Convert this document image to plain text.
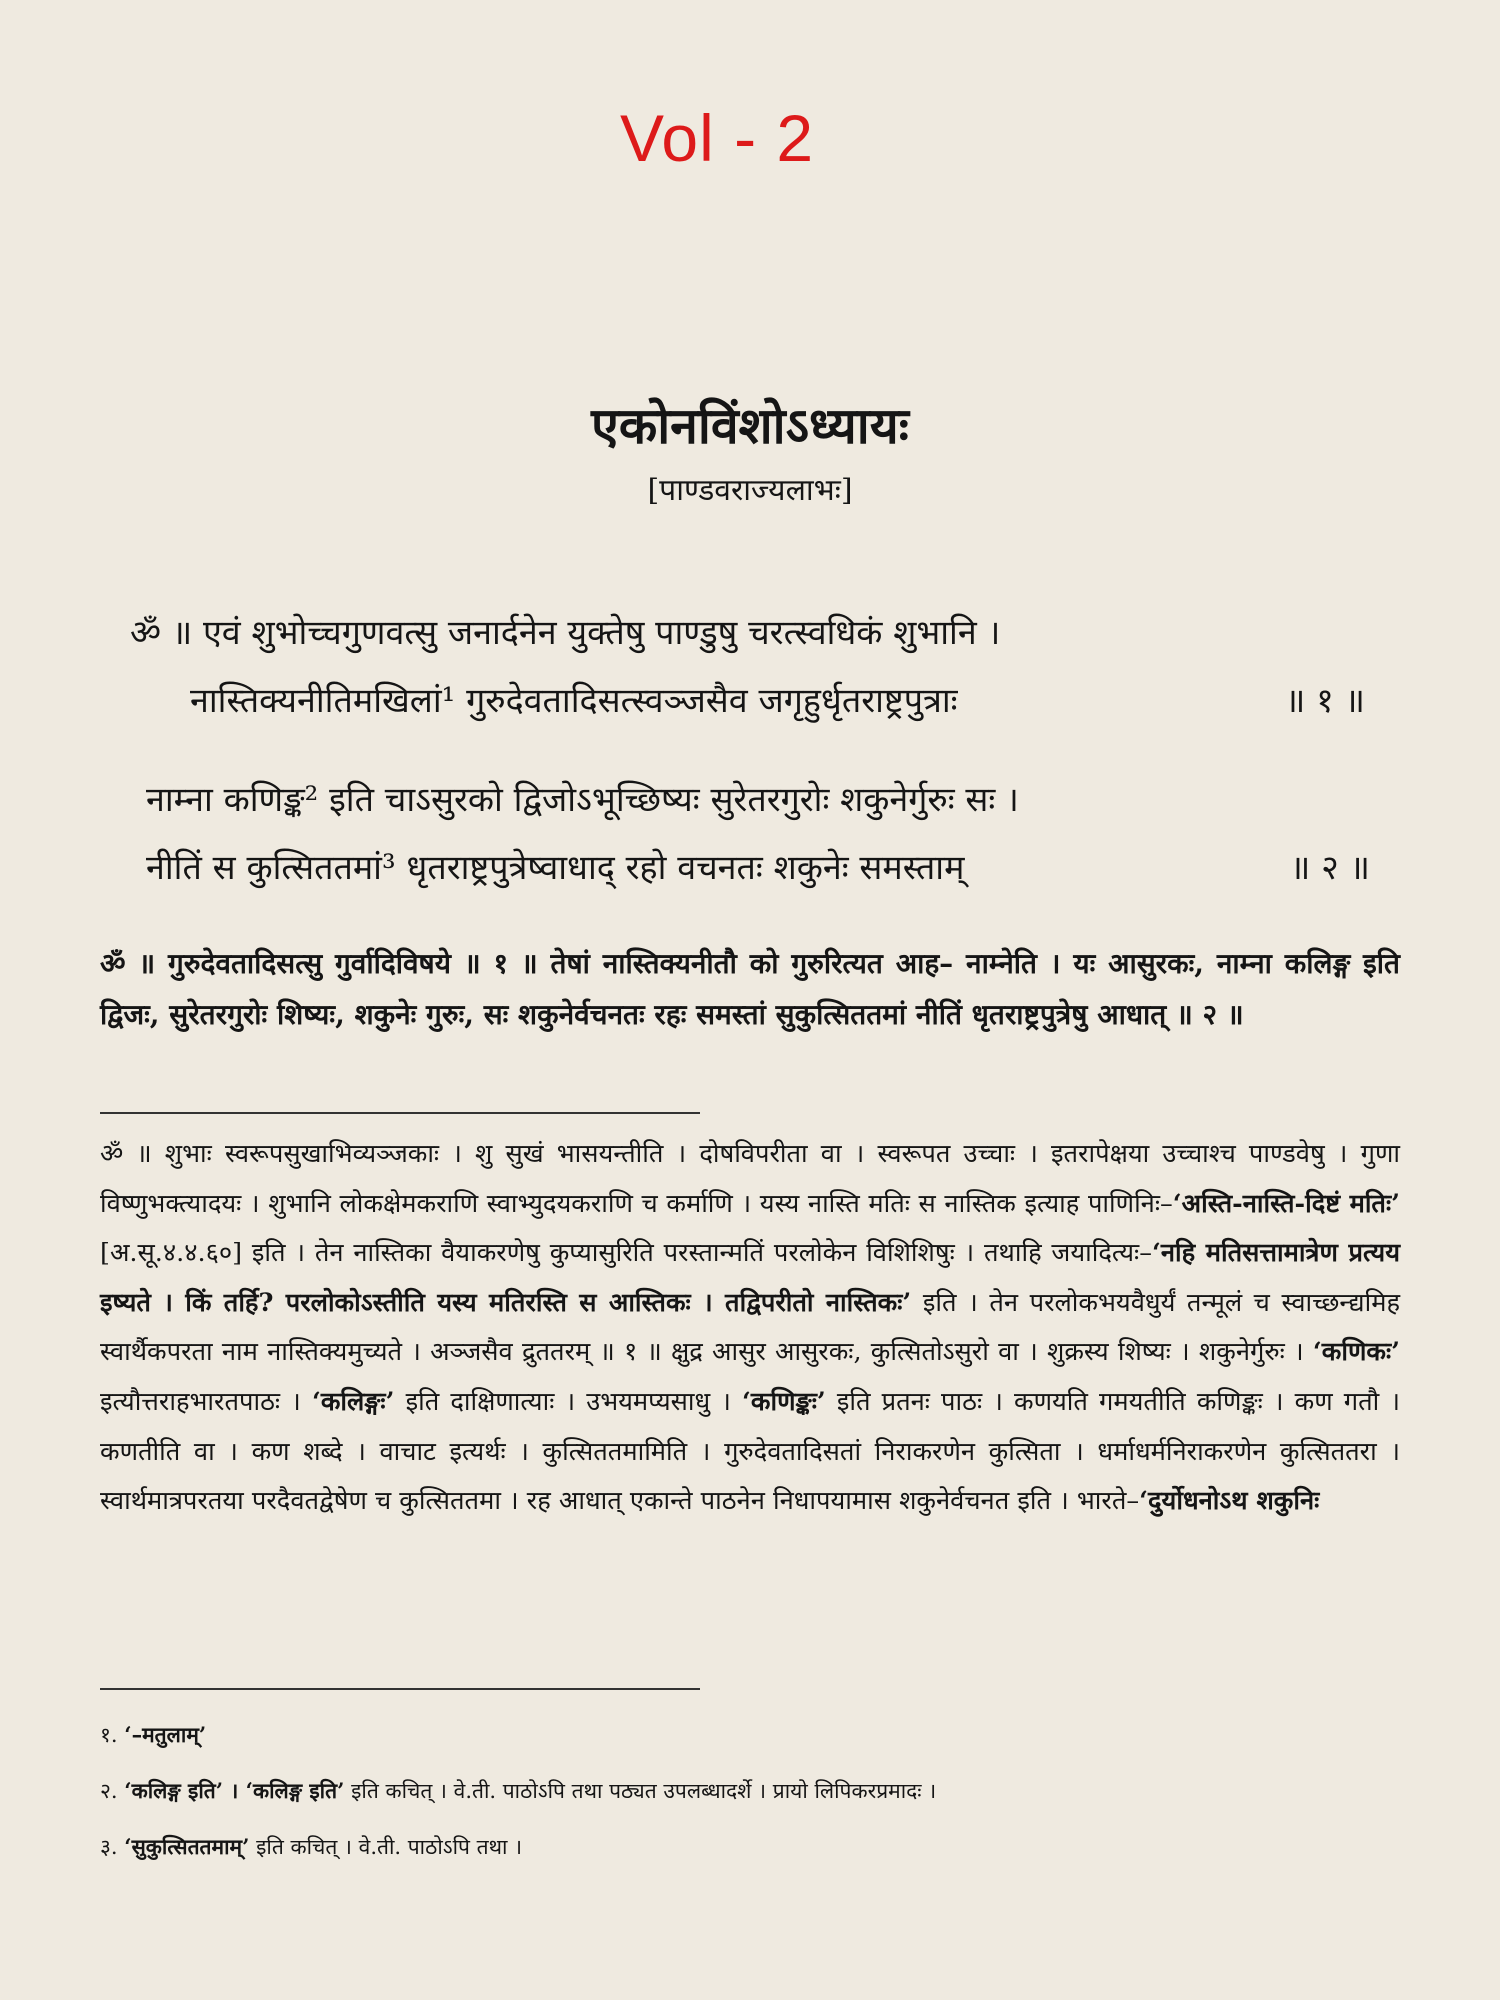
Vol - 2
एकोनविंशोऽध्यायः
[पाण्डवराज्यलाभः]
ॐ ॥ एवं शुभोच्चगुणवत्सु जनार्दनेन युक्तेषु पाण्डुषु चरत्स्वधिकं शुभानि ।
नास्तिक्यनीतिमखिलां¹ गुरुदेवतादिसत्स्वञ्जसैव जगृहुर्धृतराष्ट्रपुत्राः	॥ १ ॥
नाम्ना कणिङ्क² इति चाऽसुरको द्विजोऽभूच्छिष्यः सुरेतरगुरोः शकुनेर्गुरुः सः ।
नीतिं स कुत्सिततमां³ धृतराष्ट्रपुत्रेष्वाधाद् रहो वचनतः शकुनेः समस्ताम्	॥ २ ॥
ॐ ॥ गुरुदेवतादिसत्सु गुर्वादिविषये ॥ १ ॥ तेषां नास्तिक्यनीतौ को गुरुरित्यत आह– नाम्नेति । यः आसुरकः, नाम्ना कलिङ्ग इति द्विजः, सुरेतरगुरोः शिष्यः, शकुनेः गुरुः, सः शकुनेर्वचनतः रहः समस्तां सुकुत्सिततमां नीतिं धृतराष्ट्रपुत्रेषु आधात् ॥ २ ॥
ॐ ॥ शुभाः स्वरूपसुखाभिव्यञ्जकाः । शु सुखं भासयन्तीति । दोषविपरीता वा । स्वरूपत उच्चाः । इतरापेक्षया उच्चाश्च पाण्डवेषु । गुणा विष्णुभक्त्यादयः । शुभानि लोकक्षेमकराणि स्वाभ्युदयकराणि च कर्माणि । यस्य नास्ति मतिः स नास्तिक इत्याह पाणिनिः–‘अस्ति-नास्ति-दिष्टं मतिः’ [अ.सू.४.४.६०] इति । तेन नास्तिका वैयाकरणेषु कुप्यासुरिति परस्तान्मतिं परलोकेन विशिशिषुः । तथाहि जयादित्यः–‘नहि मतिसत्तामात्रेण प्रत्यय इष्यते । किं तर्हि? परलोकोऽस्तीति यस्य मतिरस्ति स आस्तिकः । तद्विपरीतो नास्तिकः’ इति । तेन परलोकभयवैधुर्यं तन्मूलं च स्वाच्छन्द्यमिह स्वार्थैकपरता नाम नास्तिक्यमुच्यते । अञ्जसैव द्रुततरम् ॥ १ ॥ क्षुद्र आसुर आसुरकः, कुत्सितोऽसुरो वा । शुक्रस्य शिष्यः । शकुनेर्गुरुः । ‘कणिकः’ इत्यौत्तराहभारतपाठः । ‘कलिङ्गः’ इति दाक्षिणात्याः । उभयमप्यसाधु । ‘कणिङ्कः’ इति प्रतनः पाठः । कणयति गमयतीति कणिङ्कः । कण गतौ । कणतीति वा । कण शब्दे । वाचाट इत्यर्थः । कुत्सिततमामिति । गुरुदेवतादिसतां निराकरणेन कुत्सिता । धर्माधर्मनिराकरणेन कुत्सिततरा । स्वार्थमात्रपरतया परदैवतद्वेषेण च कुत्सिततमा । रह आधात् एकान्ते पाठनेन निधापयामास शकुनेर्वचनत इति । भारते–‘दुर्योधनोऽथ शकुनिः
१. ‘–मतुलाम्’
२. ‘कलिङ्ग इति’ । ‘कलिङ्ग इति’ इति कचित् । वे.ती. पाठोऽपि तथा पठ्यत उपलब्धादर्शे । प्रायो लिपिकरप्रमादः ।
३. ‘सुकुत्सिततमाम्’ इति कचित् । वे.ती. पाठोऽपि तथा ।
